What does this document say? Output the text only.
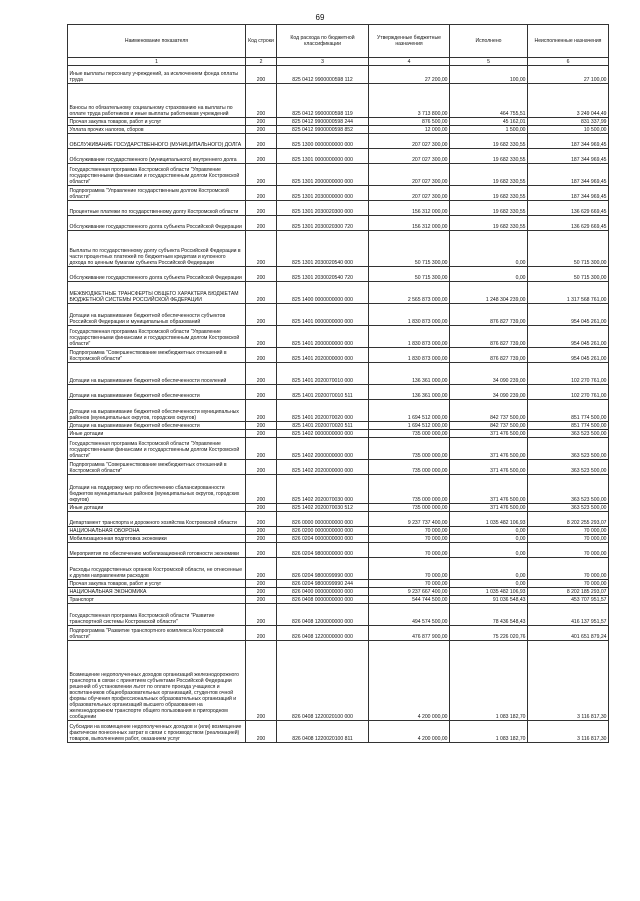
69
Наименование показателя	Код строки	Код расхода по бюджетной классификации	Утвержденные бюджетные назначения	Исполнено	Неисполненные назначения
1	2	3	4	5	6
Иные выплаты персоналу учреждений, за исключением фонда оплаты труда	200	825 0412 9900000598 112	27 200,00	100,00	27 100,00
Взносы по обязательному социальному страхованию на выплаты по оплате труда работников и иные выплаты работникам учреждений	200	825 0412 9900000598 119	3 713 800,00	464 755,51	3 249 044,49
Прочая закупка товаров, работ и услуг	200	825 0412 9900000598 244	876 500,00	45 162,01	831 337,99
Уплата прочих налогов, сборов	200	825 0412 9900000598 852	12 000,00	1 500,00	10 500,00
ОБСЛУЖИВАНИЕ ГОСУДАРСТВЕННОГО (МУНИЦИПАЛЬНОГО) ДОЛГА	200	825 1300 0000000000 000	207 027 300,00	19 682 330,55	187 344 969,45
Обслуживание государственного (муниципального) внутреннего долга	200	825 1301 0000000000 000	207 027 300,00	19 682 330,55	187 344 969,45
Государственная программа Костромской области "Управление государственными финансами и государственным долгом Костромской области"	200	825 1301 2000000000 000	207 027 300,00	19 682 330,55	187 344 969,45
Подпрограмма "Управление государственным долгом Костромской области"	200	825 1301 2030000000 000	207 027 300,00	19 682 330,55	187 344 969,45
Процентные платежи по государственному долгу Костромской области	200	825 1301 2030020300 000	156 312 000,00	19 682 330,55	136 629 669,45
Обслуживание государственного долга субъекта Российской Федерации	200	825 1301 2030020300 720	156 312 000,00	19 682 330,55	136 629 669,45
Выплаты по государственному долгу субъекта Российской Федерации в части процентных платежей по бюджетным кредитам и купонного дохода по ценным бумагам субъекта Российской Федерации	200	825 1301 2030020540 000	50 715 300,00	0,00	50 715 300,00
Обслуживание государственного долга субъекта Российской Федерации	200	825 1301 2030020540 720	50 715 300,00	0,00	50 715 300,00
МЕЖБЮДЖЕТНЫЕ ТРАНСФЕРТЫ ОБЩЕГО ХАРАКТЕРА БЮДЖЕТАМ БЮДЖЕТНОЙ СИСТЕМЫ РОССИЙСКОЙ ФЕДЕРАЦИИ	200	825 1400 0000000000 000	2 565 873 000,00	1 248 304 239,00	1 317 568 761,00
Дотации на выравнивание бюджетной обеспеченности субъектов Российской Федерации и муниципальных образований	200	825 1401 0000000000 000	1 830 873 000,00	876 827 739,00	954 045 261,00
Государственная программа Костромской области "Управление государственными финансами и государственным долгом Костромской области"	200	825 1401 2000000000 000	1 830 873 000,00	876 827 739,00	954 045 261,00
Подпрограмма "Совершенствование межбюджетных отношений в Костромской области"	200	825 1401 2020000000 000	1 830 873 000,00	876 827 739,00	954 045 261,00
Дотации на выравнивание бюджетной обеспеченности поселений	200	825 1401 2020070010 000	136 361 000,00	34 090 239,00	102 270 761,00
Дотации на выравнивание бюджетной обеспеченности	200	825 1401 2020070010 511	136 361 000,00	34 090 239,00	102 270 761,00
Дотации на выравнивание бюджетной обеспеченности муниципальных районов (муниципальных округов, городских округов)	200	825 1401 2020070020 000	1 694 512 000,00	842 737 500,00	851 774 500,00
Дотации на выравнивание бюджетной обеспеченности	200	825 1401 2020070020 511	1 694 512 000,00	842 737 500,00	851 774 500,00
Иные дотации	200	825 1402 0000000000 000	735 000 000,00	371 476 500,00	363 523 500,00
Государственная программа Костромской области "Управление государственными финансами и государственным долгом Костромской области"	200	825 1402 2000000000 000	735 000 000,00	371 476 500,00	363 523 500,00
Подпрограмма "Совершенствование межбюджетных отношений в Костромской области"	200	825 1402 2020000000 000	735 000 000,00	371 476 500,00	363 523 500,00
Дотации на поддержку мер по обеспечению сбалансированности бюджетов муниципальных районов (муниципальных округов, городских округов)	200	825 1402 2020070030 000	735 000 000,00	371 476 500,00	363 523 500,00
Иные дотации	200	825 1402 2020070030 512	735 000 000,00	371 476 500,00	363 523 500,00
Департамент транспорта и дорожного хозяйства Костромской области	200	826 0000 0000000000 000	9 237 737 400,00	1 035 482 106,93	8 202 255 293,07
НАЦИОНАЛЬНАЯ ОБОРОНА	200	826 0200 0000000000 000	70 000,00	0,00	70 000,00
Мобилизационная подготовка экономики	200	826 0204 0000000000 000	70 000,00	0,00	70 000,00
Мероприятия по обеспечению мобилизационной готовности экономики	200	826 0204 9800000000 000	70 000,00	0,00	70 000,00
Расходы государственных органов Костромской области, не отнесенные к другим направлениям расходов	200	826 0204 9800099990 000	70 000,00	0,00	70 000,00
Прочая закупка товаров, работ и услуг	200	826 0204 9800099990 244	70 000,00	0,00	70 000,00
НАЦИОНАЛЬНАЯ ЭКОНОМИКА	200	826 0400 0000000000 000	9 237 667 400,00	1 035 482 106,93	8 202 185 293,07
Транспорт	200	826 0408 0000000000 000	544 744 500,00	91 036 548,43	453 707 951,57
Государственная программа Костромской области "Развитие транспортной системы Костромской области"	200	826 0408 1200000000 000	494 574 500,00	78 436 548,43	416 137 951,57
Подпрограмма "Развитие транспортного комплекса Костромской области"	200	826 0408 1220000000 000	476 877 900,00	75 226 020,76	401 651 879,24
Возмещение недополученных доходов организаций железнодорожного транспорта в связи с принятием субъектами Российской Федерации решений об установлении льгот по оплате проезда учащихся и воспитанников общеобразовательных организаций, студентов очной формы обучения профессиональных образовательных организаций и образовательных организаций высшего образования на железнодорожном транспорте общего пользования в пригородном сообщении	200	826 0408 1220020100 000	4 200 000,00	1 083 182,70	3 116 817,30
Субсидии на возмещение недополученных доходов и (или) возмещение фактически понесенных затрат в связи с производством (реализацией) товаров, выполнением работ, оказанием услуг	200	826 0408 1220020100 811	4 200 000,00	1 083 182,70	3 116 817,30
